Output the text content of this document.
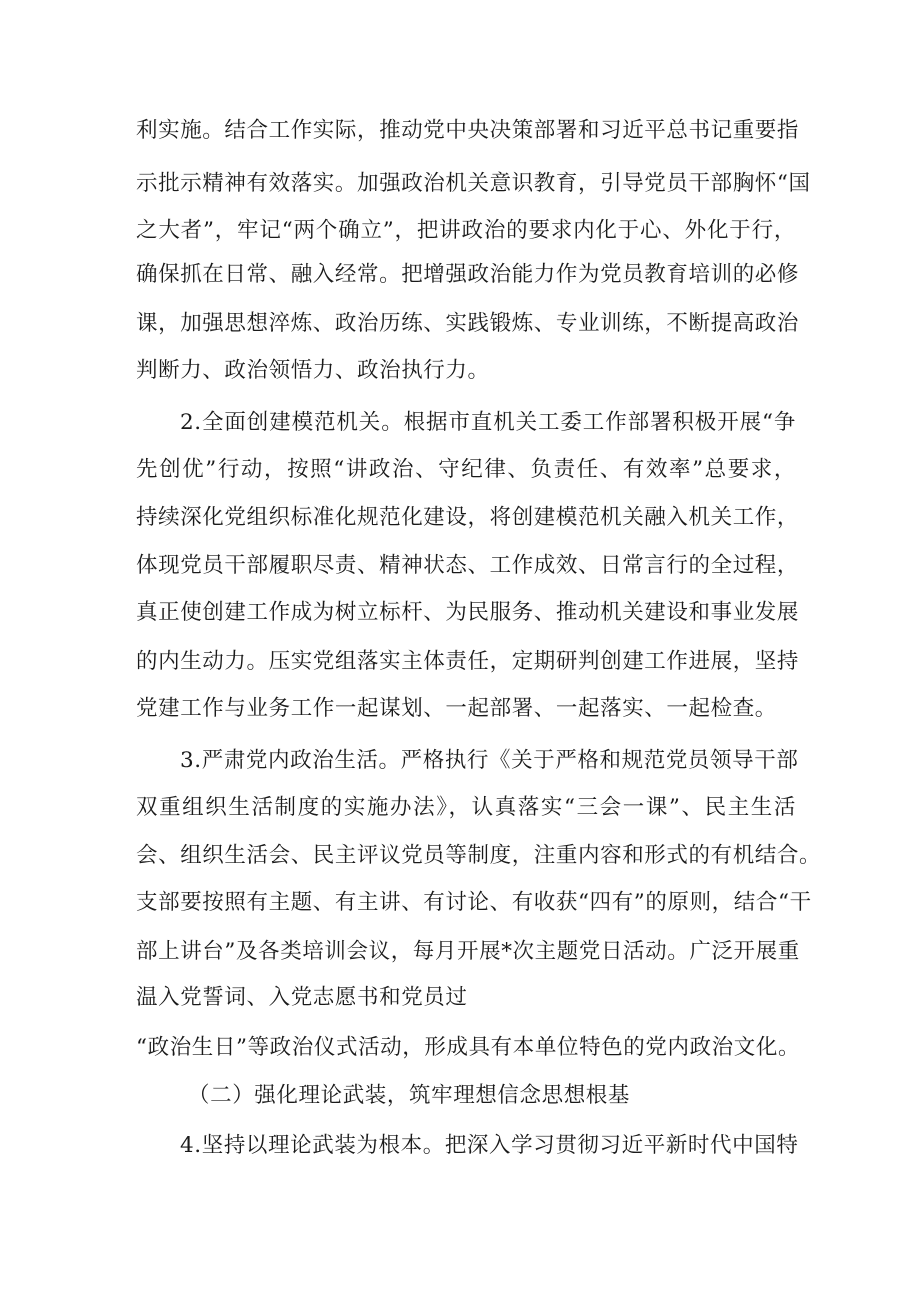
利实施。结合工作实际，推动党中央决策部署和习近平总书记重要指
示批示精神有效落实。加强政治机关意识教育，引导党员干部胸怀“国
之大者”，牢记“两个确立”，把讲政治的要求内化于心、外化于行，
确保抓在日常、融入经常。把增强政治能力作为党员教育培训的必修
课，加强思想淬炼、政治历练、实践锻炼、专业训练，不断提高政治
判断力、政治领悟力、政治执行力。
2.全面创建模范机关。根据市直机关工委工作部署积极开展“争
先创优”行动，按照“讲政治、守纪律、负责任、有效率”总要求，
持续深化党组织标准化规范化建设，将创建模范机关融入机关工作，
体现党员干部履职尽责、精神状态、工作成效、日常言行的全过程，
真正使创建工作成为树立标杆、为民服务、推动机关建设和事业发展
的内生动力。压实党组落实主体责任，定期研判创建工作进展，坚持
党建工作与业务工作一起谋划、一起部署、一起落实、一起检查。
3.严肃党内政治生活。严格执行《关于严格和规范党员领导干部
双重组织生活制度的实施办法》，认真落实“三会一课”、民主生活
会、组织生活会、民主评议党员等制度，注重内容和形式的有机结合。
支部要按照有主题、有主讲、有讨论、有收获“四有”的原则，结合“干
部上讲台”及各类培训会议，每月开展*次主题党日活动。广泛开展重
温入党誓词、入党志愿书和党员过
“政治生日”等政治仪式活动，形成具有本单位特色的党内政治文化。
（二）强化理论武装，筑牢理想信念思想根基
4.坚持以理论武装为根本。把深入学习贯彻习近平新时代中国特
